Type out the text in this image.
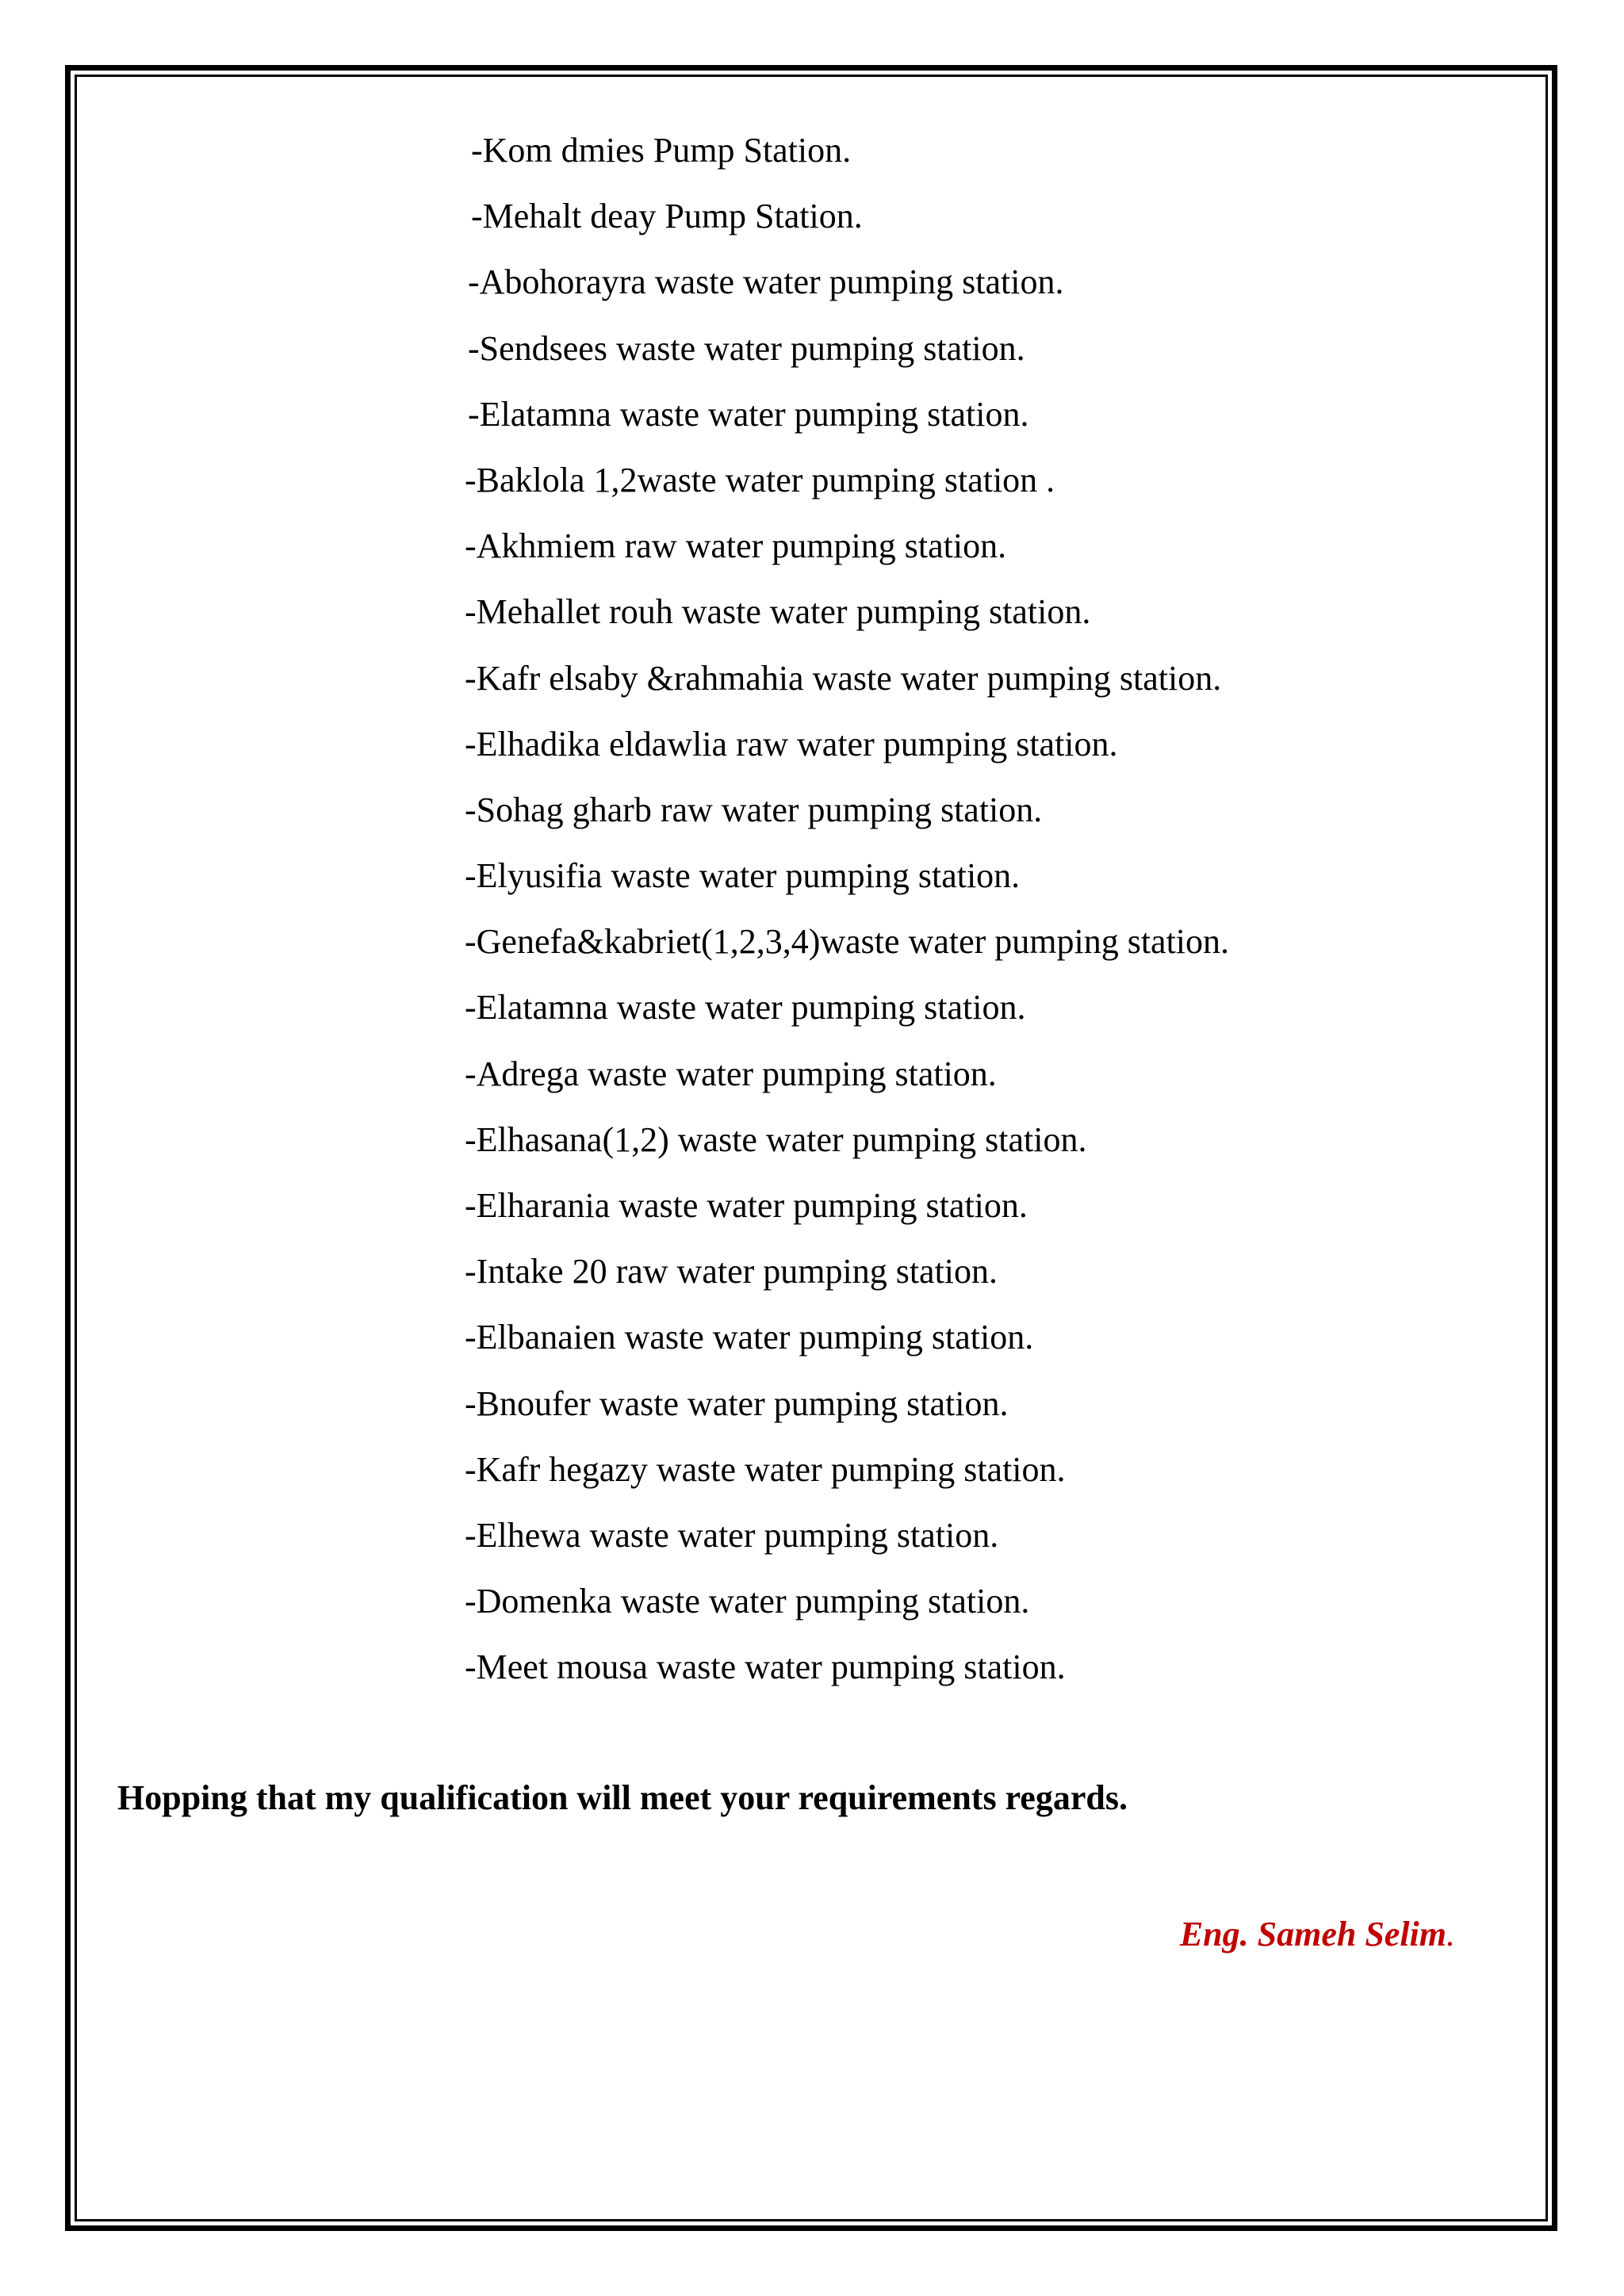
-Kom dmies Pump Station.
-Mehalt deay Pump Station.
-Abohorayra waste water pumping station.
-Sendsees waste water pumping station.
-Elatamna waste water pumping station.
-Baklola 1,2waste water pumping station .
-Akhmiem raw water pumping station.
-Mehallet rouh waste water pumping station.
-Kafr elsaby &rahmahia waste water pumping station.
-Elhadika eldawlia raw water pumping station.
-Sohag gharb raw water pumping station.
-Elyusifia waste water pumping station.
-Genefa&kabriet(1,2,3,4)waste water pumping station.
-Elatamna waste water pumping station.
-Adrega waste water pumping station.
-Elhasana(1,2) waste water pumping station.
-Elharania waste water pumping station.
-Intake 20 raw water pumping station.
-Elbanaien waste water pumping station.
-Bnoufer waste water pumping station.
-Kafr hegazy waste water pumping station.
-Elhewa waste water pumping station.
-Domenka waste water pumping station.
-Meet mousa waste water pumping station.
Hopping that my qualification will meet your requirements regards.
Eng. Sameh Selim.
